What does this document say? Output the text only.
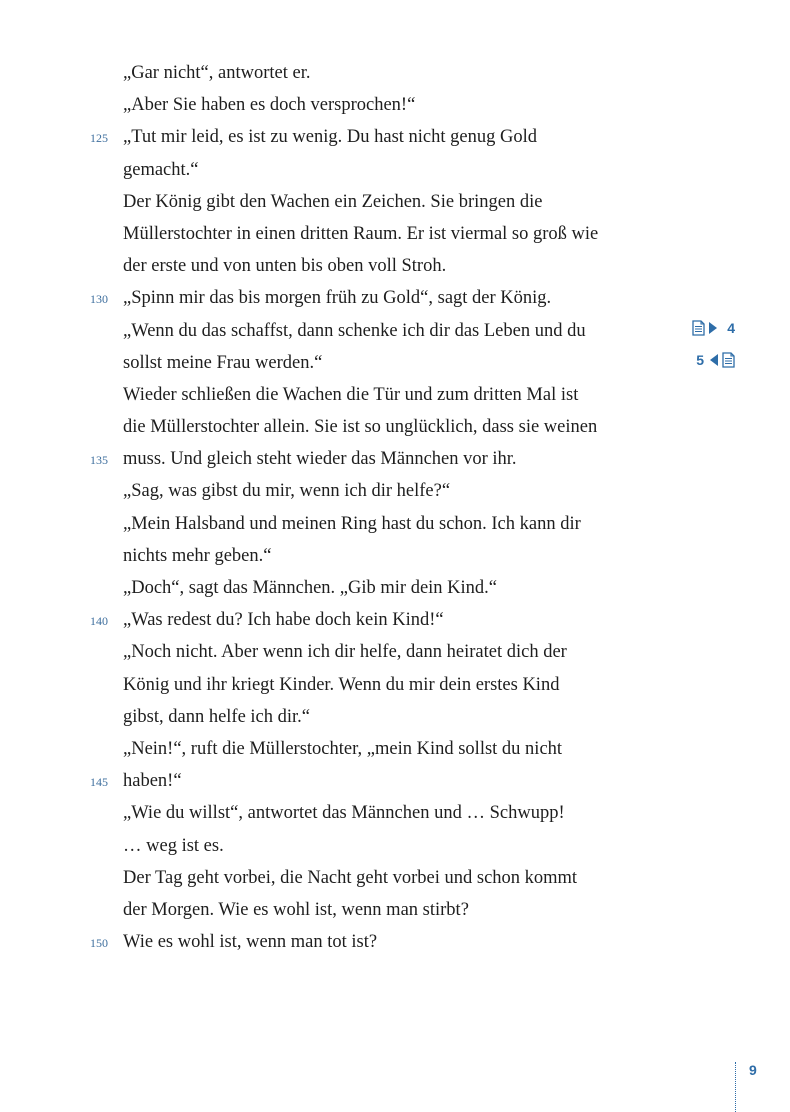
„Gar nicht“, antwortet er.
„Aber Sie haben es doch versprochen!“
125 „Tut mir leid, es ist zu wenig. Du hast nicht genug Gold
gemacht.“
Der König gibt den Wachen ein Zeichen. Sie bringen die
Müllerstochter in einen dritten Raum. Er ist viermal so groß wie
der erste und von unten bis oben voll Stroh.
130 „Spinn mir das bis morgen früh zu Gold“, sagt der König.
„Wenn du das schaffst, dann schenke ich dir das Leben und du
sollst meine Frau werden.“
Wieder schließen die Wachen die Tür und zum dritten Mal ist
die Müllerstochter allein. Sie ist so unglücklich, dass sie weinen
135 muss. Und gleich steht wieder das Männchen vor ihr.
„Sag, was gibst du mir, wenn ich dir helfe?“
„Mein Halsband und meinen Ring hast du schon. Ich kann dir
nichts mehr geben.“
„Doch“, sagt das Männchen. „Gib mir dein Kind.“
140 „Was redest du? Ich habe doch kein Kind!“
„Noch nicht. Aber wenn ich dir helfe, dann heiratet dich der
König und ihr kriegt Kinder. Wenn du mir dein erstes Kind
gibst, dann helfe ich dir.“
„Nein!“, ruft die Müllerstochter, „mein Kind sollst du nicht
145 haben!“
„Wie du willst“, antwortet das Männchen und … Schwupp!
… weg ist es.
Der Tag geht vorbei, die Nacht geht vorbei und schon kommt
der Morgen. Wie es wohl ist, wenn man stirbt?
150 Wie es wohl ist, wenn man tot ist?
4
5
9
